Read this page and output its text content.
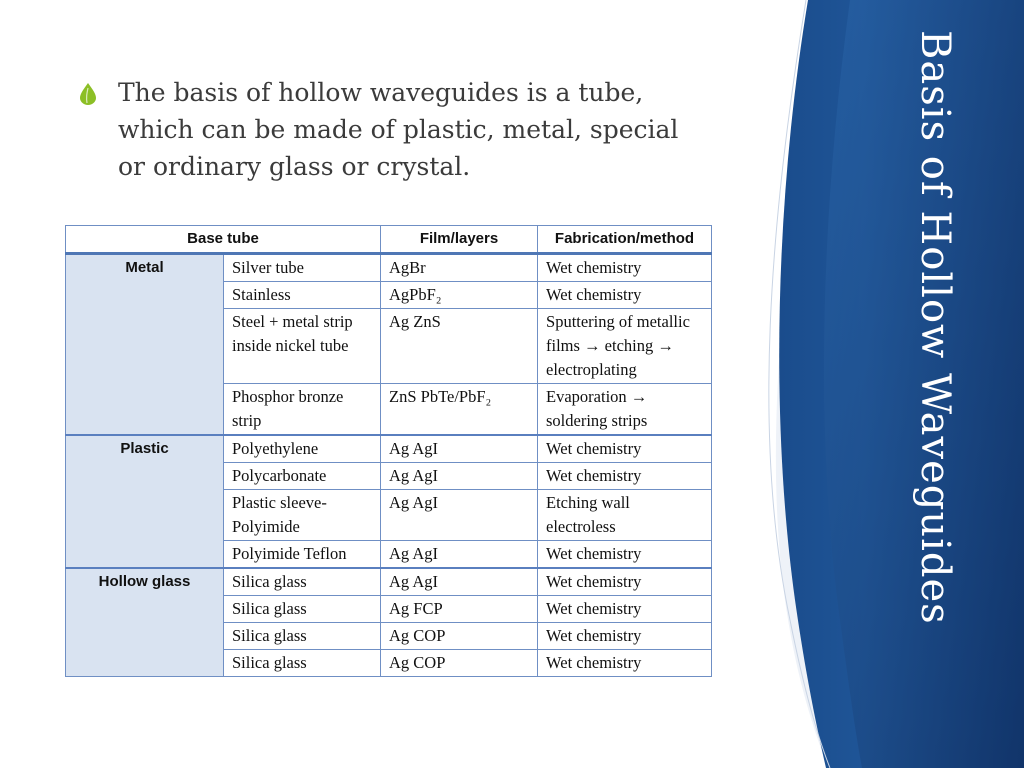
Basis of Hollow Waveguides
The basis of hollow waveguides is a tube, which can be made of plastic, metal, special or ordinary glass or crystal.
Base tube		Film/layers	Fabrication/method
Metal	Silver tube	AgBr	Wet chemistry
	Stainless	AgPbF₂	Wet chemistry
	Steel + metal strip inside nickel tube	Ag ZnS	Sputtering of metallic films → etching → electroplating
	Phosphor bronze strip	ZnS PbTe/PbF₂	Evaporation → soldering strips
Plastic	Polyethylene	Ag AgI	Wet chemistry
	Polycarbonate	Ag AgI	Wet chemistry
	Plastic sleeve-Polyimide	Ag AgI	Etching wall electroless
	Polyimide Teflon	Ag AgI	Wet chemistry
Hollow glass	Silica glass	Ag AgI	Wet chemistry
	Silica glass	Ag FCP	Wet chemistry
	Silica glass	Ag COP	Wet chemistry
	Silica glass	Ag COP	Wet chemistry
